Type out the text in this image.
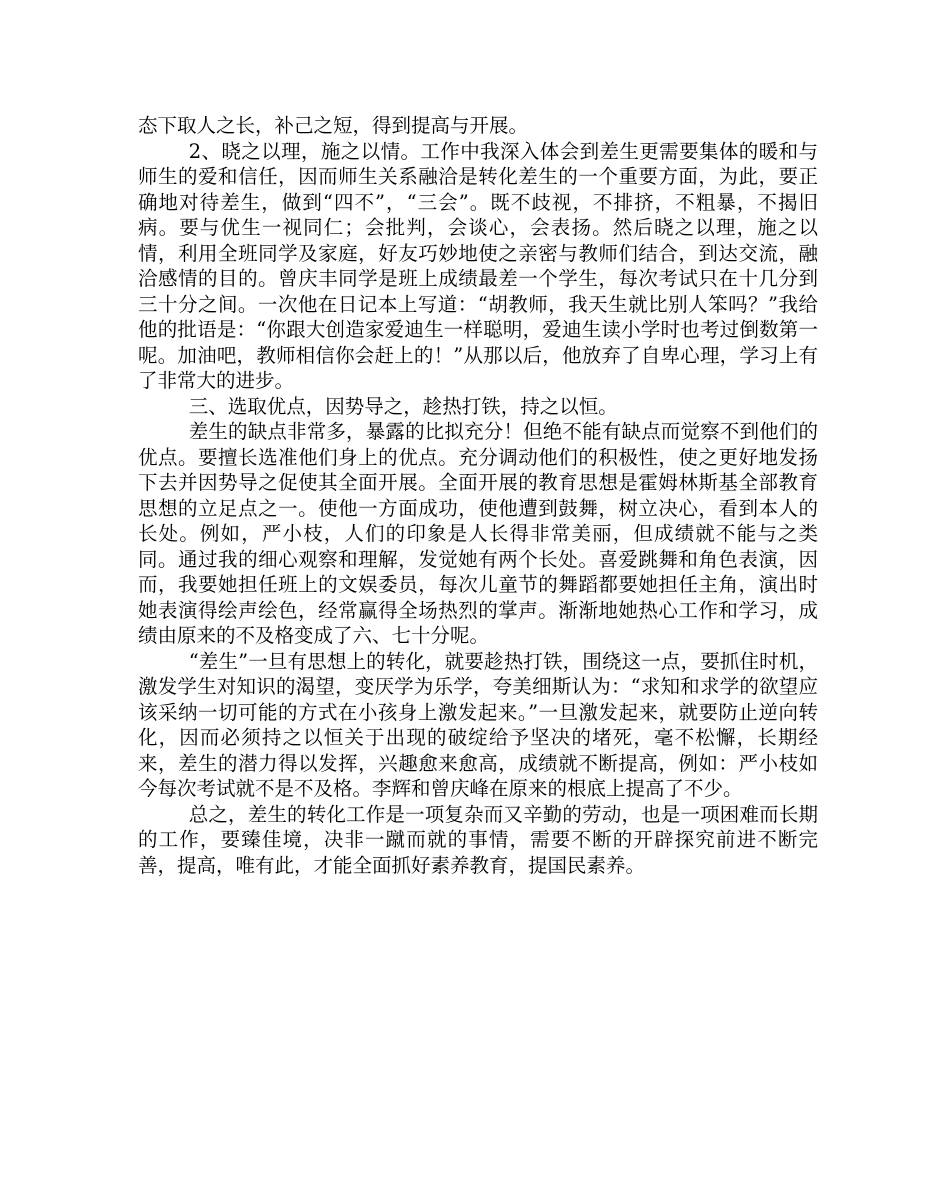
态下取人之长，补己之短，得到提高与开展。

2、晓之以理，施之以情。工作中我深入体会到差生更需要集体的暖和与师生的爱和信任，因而师生关系融洽是转化差生的一个重要方面，为此，要正确地对待差生，做到“四不”，“三会”。既不歧视，不排挤，不粗暴，不揭旧病。要与优生一视同仁；会批判，会谈心，会表扬。然后晓之以理，施之以情，利用全班同学及家庭，好友巧妙地使之亲密与教师们结合，到达交流，融洽感情的目的。曾庆丰同学是班上成绩最差一个学生，每次考试只在十几分到三十分之间。一次他在日记本上写道：“胡教师，我天生就比别人笨吗？”我给他的批语是：“你跟大创造家爱迪生一样聪明，爱迪生读小学时也考过倒数第一呢。加油吧，教师相信你会赶上的！”从那以后，他放弃了自卑心理，学习上有了非常大的进步。

三、选取优点，因势导之，趁热打铁，持之以恒。

差生的缺点非常多，暴露的比拟充分！但绝不能有缺点而觉察不到他们的优点。要擅长选准他们身上的优点。充分调动他们的积极性，使之更好地发扬下去并因势导之促使其全面开展。全面开展的教育思想是霍姆林斯基全部教育思想的立足点之一。使他一方面成功，使他遭到鼓舞，树立决心，看到本人的长处。例如，严小枝，人们的印象是人长得非常美丽，但成绩就不能与之类同。通过我的细心观察和理解，发觉她有两个长处。喜爱跳舞和角色表演，因而，我要她担任班上的文娱委员，每次儿童节的舞蹈都要她担任主角，演出时她表演得绘声绘色，经常赢得全场热烈的掌声。渐渐地她热心工作和学习，成绩由原来的不及格变成了六、七十分呢。

“差生”一旦有思想上的转化，就要趁热打铁，围绕这一点，要抓住时机，激发学生对知识的渴望，变厌学为乐学，夸美细斯认为：“求知和求学的欲望应该采纳一切可能的方式在小孩身上激发起来。”一旦激发起来，就要防止逆向转化，因而必须持之以恒关于出现的破绽给予坚决的堵死，毫不松懈，长期经来，差生的潜力得以发挥，兴趣愈来愈高，成绩就不断提高，例如：严小枝如今每次考试就不是不及格。李辉和曾庆峰在原来的根底上提高了不少。

总之，差生的转化工作是一项复杂而又辛勤的劳动，也是一项困难而长期的工作，要臻佳境，决非一蹴而就的事情，需要不断的开辟探究前进不断完善，提高，唯有此，才能全面抓好素养教育，提国民素养。
